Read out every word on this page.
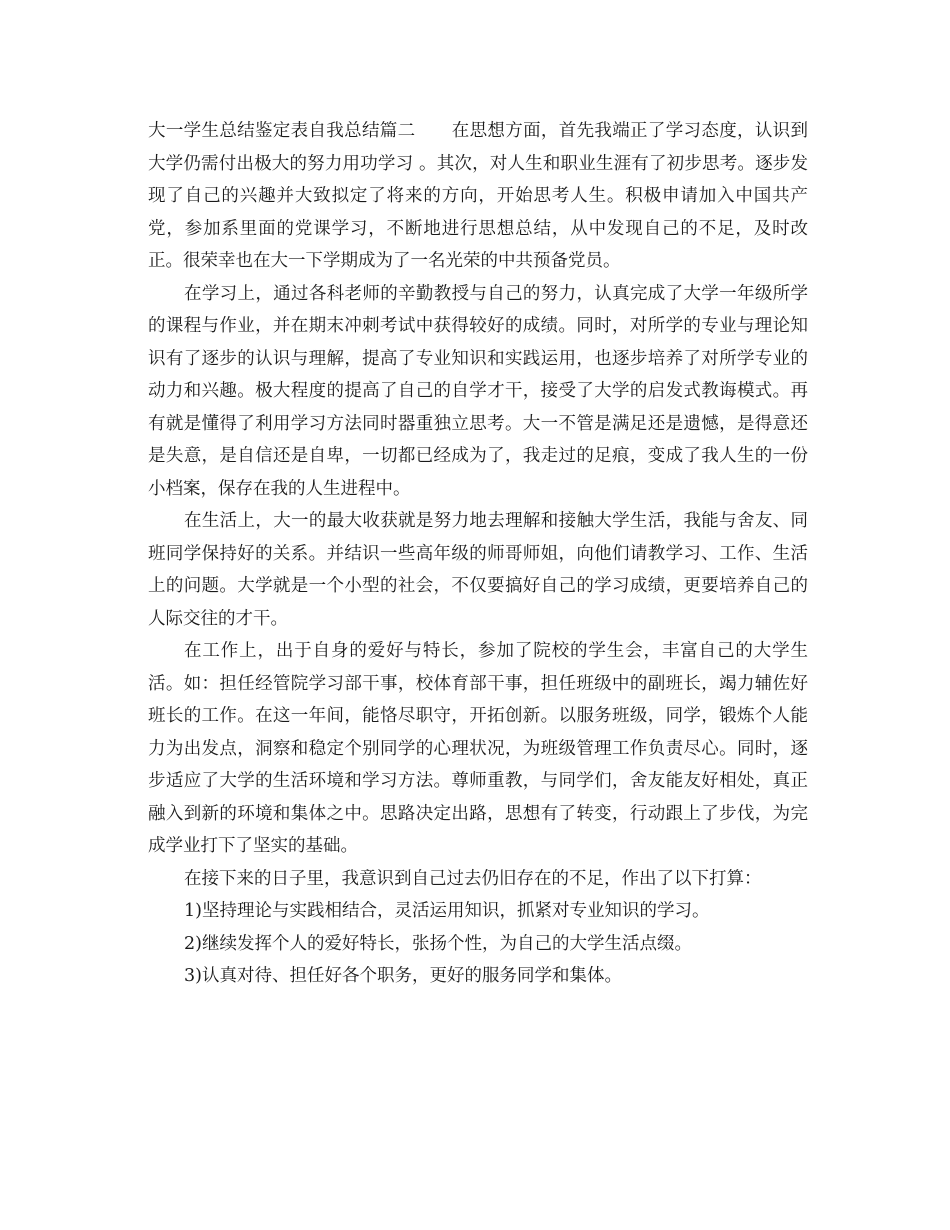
大一学生总结鉴定表自我总结篇二 在思想方面，首先我端正了学习态度，认识到大学仍需付出极大的努力用功学习 。其次，对人生和职业生涯有了初步思考。逐步发现了自己的兴趣并大致拟定了将来的方向，开始思考人生。积极申请加入中国共产党，参加系里面的党课学习，不断地进行思想总结，从中发现自己的不足，及时改正。很荣幸也在大一下学期成为了一名光荣的中共预备党员。

在学习上，通过各科老师的辛勤教授与自己的努力，认真完成了大学一年级所学的课程与作业，并在期末冲刺考试中获得较好的成绩。同时，对所学的专业与理论知识有了逐步的认识与理解，提高了专业知识和实践运用，也逐步培养了对所学专业的动力和兴趣。极大程度的提高了自己的自学才干，接受了大学的启发式教诲模式。再有就是懂得了利用学习方法同时器重独立思考。大一不管是满足还是遗憾，是得意还是失意，是自信还是自卑，一切都已经成为了，我走过的足痕，变成了我人生的一份小档案，保存在我的人生进程中。

在生活上，大一的最大收获就是努力地去理解和接触大学生活，我能与舍友、同班同学保持好的关系。并结识一些高年级的师哥师姐，向他们请教学习、工作、生活上的问题。大学就是一个小型的社会，不仅要搞好自己的学习成绩，更要培养自己的人际交往的才干。

在工作上，出于自身的爱好与特长，参加了院校的学生会，丰富自己的大学生活。如：担任经管院学习部干事，校体育部干事，担任班级中的副班长，竭力辅佐好班长的工作。在这一年间，能恪尽职守，开拓创新。以服务班级，同学，锻炼个人能力为出发点，洞察和稳定个别同学的心理状况，为班级管理工作负责尽心。同时，逐步适应了大学的生活环境和学习方法。尊师重教，与同学们，舍友能友好相处，真正融入到新的环境和集体之中。思路决定出路，思想有了转变，行动跟上了步伐，为完成学业打下了坚实的基础。

在接下来的日子里，我意识到自己过去仍旧存在的不足，作出了以下打算：

1)坚持理论与实践相结合，灵活运用知识，抓紧对专业知识的学习。

2)继续发挥个人的爱好特长，张扬个性，为自己的大学生活点缀。

3)认真对待、担任好各个职务，更好的服务同学和集体。
